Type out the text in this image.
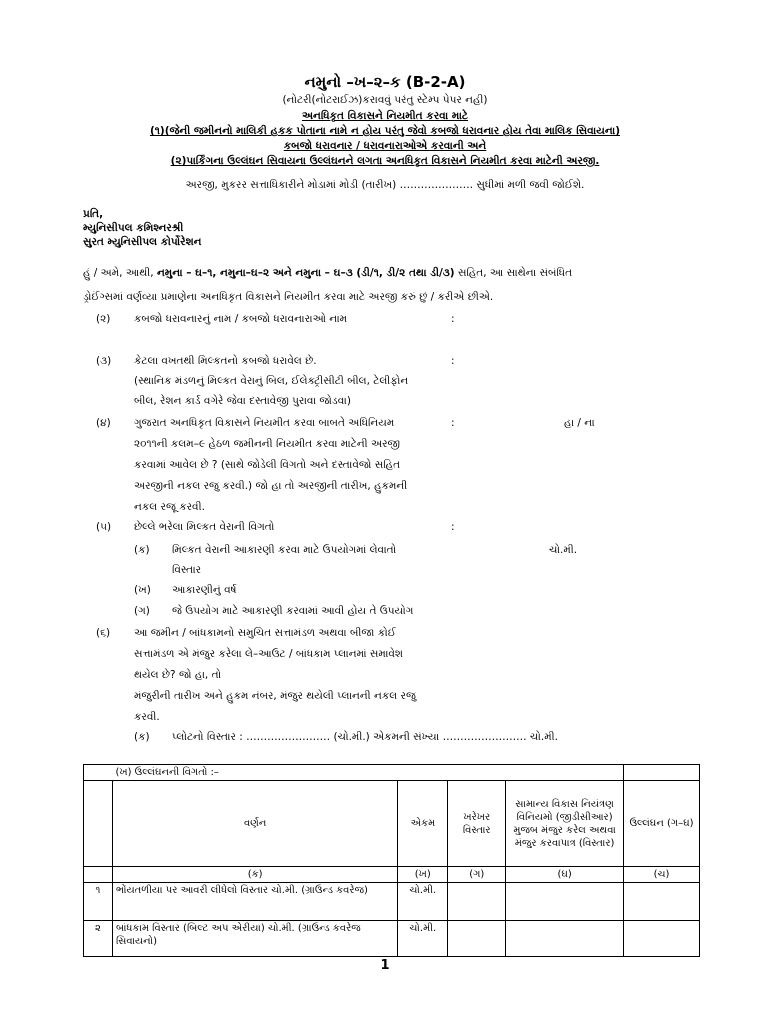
નમુનો –ખ–૨–ક (B-2-A)
(નોટરી(નોટરાઈઝ)કરાવવું પરંતુ સ્ટેમ્પ પેપર નહી)
અનધિકૃત વિકાસને નિયમીત કરવા માટે
(૧)(જેની જમીનનો માલિકી હકક પોતાના નામે ન હોય પરંતુ જેવો કબજો ધરાવનાર હોય તેવા માલિક સિવાયના)
કબજો ધરાવનાર / ધરાવનારાઓએ કરવાની અને
(૨)પાર્કિંગના ઉલ્લંઘન સિવાયના ઉલ્લંઘનને લગતા અનધિકૃત વિકાસને નિયમીત કરવા માટેની અરજી.
અરજી, મુકરર સત્તાધિકારીને મોડામાં મોડી (તારીખ) ………………… સુધીમાં મળી જવી જોઈશે.
પ્રતિ,
મ્યુનિસીપલ કમિશ્નરશ્રી
સુરત મ્યુનિસીપલ કોર્પોરેશન
હું / અમે, આથી, નમુના – ઘ–૧, નમુના–ઘ–૨ અને નમુના – ઘ–૩ (ડી/૧, ડી/૨ તથા ડી/૩) સહિત, આ સાથેના સંબંધિત
ડ્રોઈંગ્સમાં વર્ણવ્યા પ્રમાણેના અનધિકૃત વિકાસને નિયમીત કરવા માટે અરજી કરું છું / કરીએ છીએ.
(૨) કબજો ધરાવનારનું નામ / કબજો ધરાવનારાઓ નામ	:
(૩) કેટલા વખતથી મિલ્કતનો કબજો ધરાવેલ છે.	:
(સ્થાનિક મંડળનું મિલ્કત વેરાનું બિલ, ઈલેક્ટ્રીસીટી બીલ, ટેલીફોન
બીલ, રેશન કાર્ડ વગેરે જેવા દસ્તાવેજી પુરાવા જોડવા)
(૪) ગુજરાત અનધિકૃત વિકાસને નિયમીત કરવા બાબતે અધિનિયમ	:	હા / ના
૨૦૧૧ની કલમ–૯ હેઠળ જમીનની નિયમીત કરવા માટેની અરજી
કરવામાં આવેલ છે ? (સાથે જોડેલી વિગતો અને દસ્તાવેજો સહિત
અરજીની નકલ રજુ કરવી.) જો હા તો અરજીની તારીખ, હુકમની
નકલ રજૂ કરવી.
(૫) છેલ્લે ભરેલા મિલ્કત વેરાની વિગતો	:
(ક) મિલ્કત વેરાની આકારણી કરવા માટે ઉપયોગમાં લેવાતો	ચો.મી.
વિસ્તાર
(ખ) આકારણીનું વર્ષ
(ગ) જે ઉપયોગ માટે આકારણી કરવામાં આવી હોય તે ઉપયોગ
(૬) આ જમીન / બાંધકામનો સમુચિત સત્તામંડળ અથવા બીજા કોઈ
સત્તામંડળ એ મંજુર કરેલા લે–આઉટ / બાંધકામ પ્લાનમાં સમાવેશ
થયેલ છે? જો હા, તો
મંજુરીની તારીખ અને હુકમ નંબર, મંજુર થયેલી પ્લાનની નકલ રજુ
કરવી.
(ક) પ્લોટનો વિસ્તાર : …………………… (ચો.મી.) એકમની સંખ્યા …………………… ચો.મી.
	(ખ) ઉલ્લંઘનની વિગતો :–				
	વર્ણન	એકમ	ખરેખર વિસ્તાર	સામાન્ય વિકાસ નિયંત્રણ વિનિયમો (જીડીસીઆર) મુજબ મંજુર કરેલ અથવા મંજુર કરવાપાત્ર (વિસ્તાર)	ઉલ્લંઘન (ગ–ઘ)
	(ક)	(ખ)	(ગ)	(ઘ)	(ચ)
૧	ભોંયતળીયા પર આવરી લીધેલો વિસ્તાર ચો.મી. (ગ્રાઉન્ડ કવરેજ)	ચો.મી.			
૨	બાંધકામ વિસ્તાર (બિલ્ટ અપ એરીયા) ચો.મી. (ગ્રાઉન્ડ કવરેજ સિવાયનો)	ચો.મી.			
1
